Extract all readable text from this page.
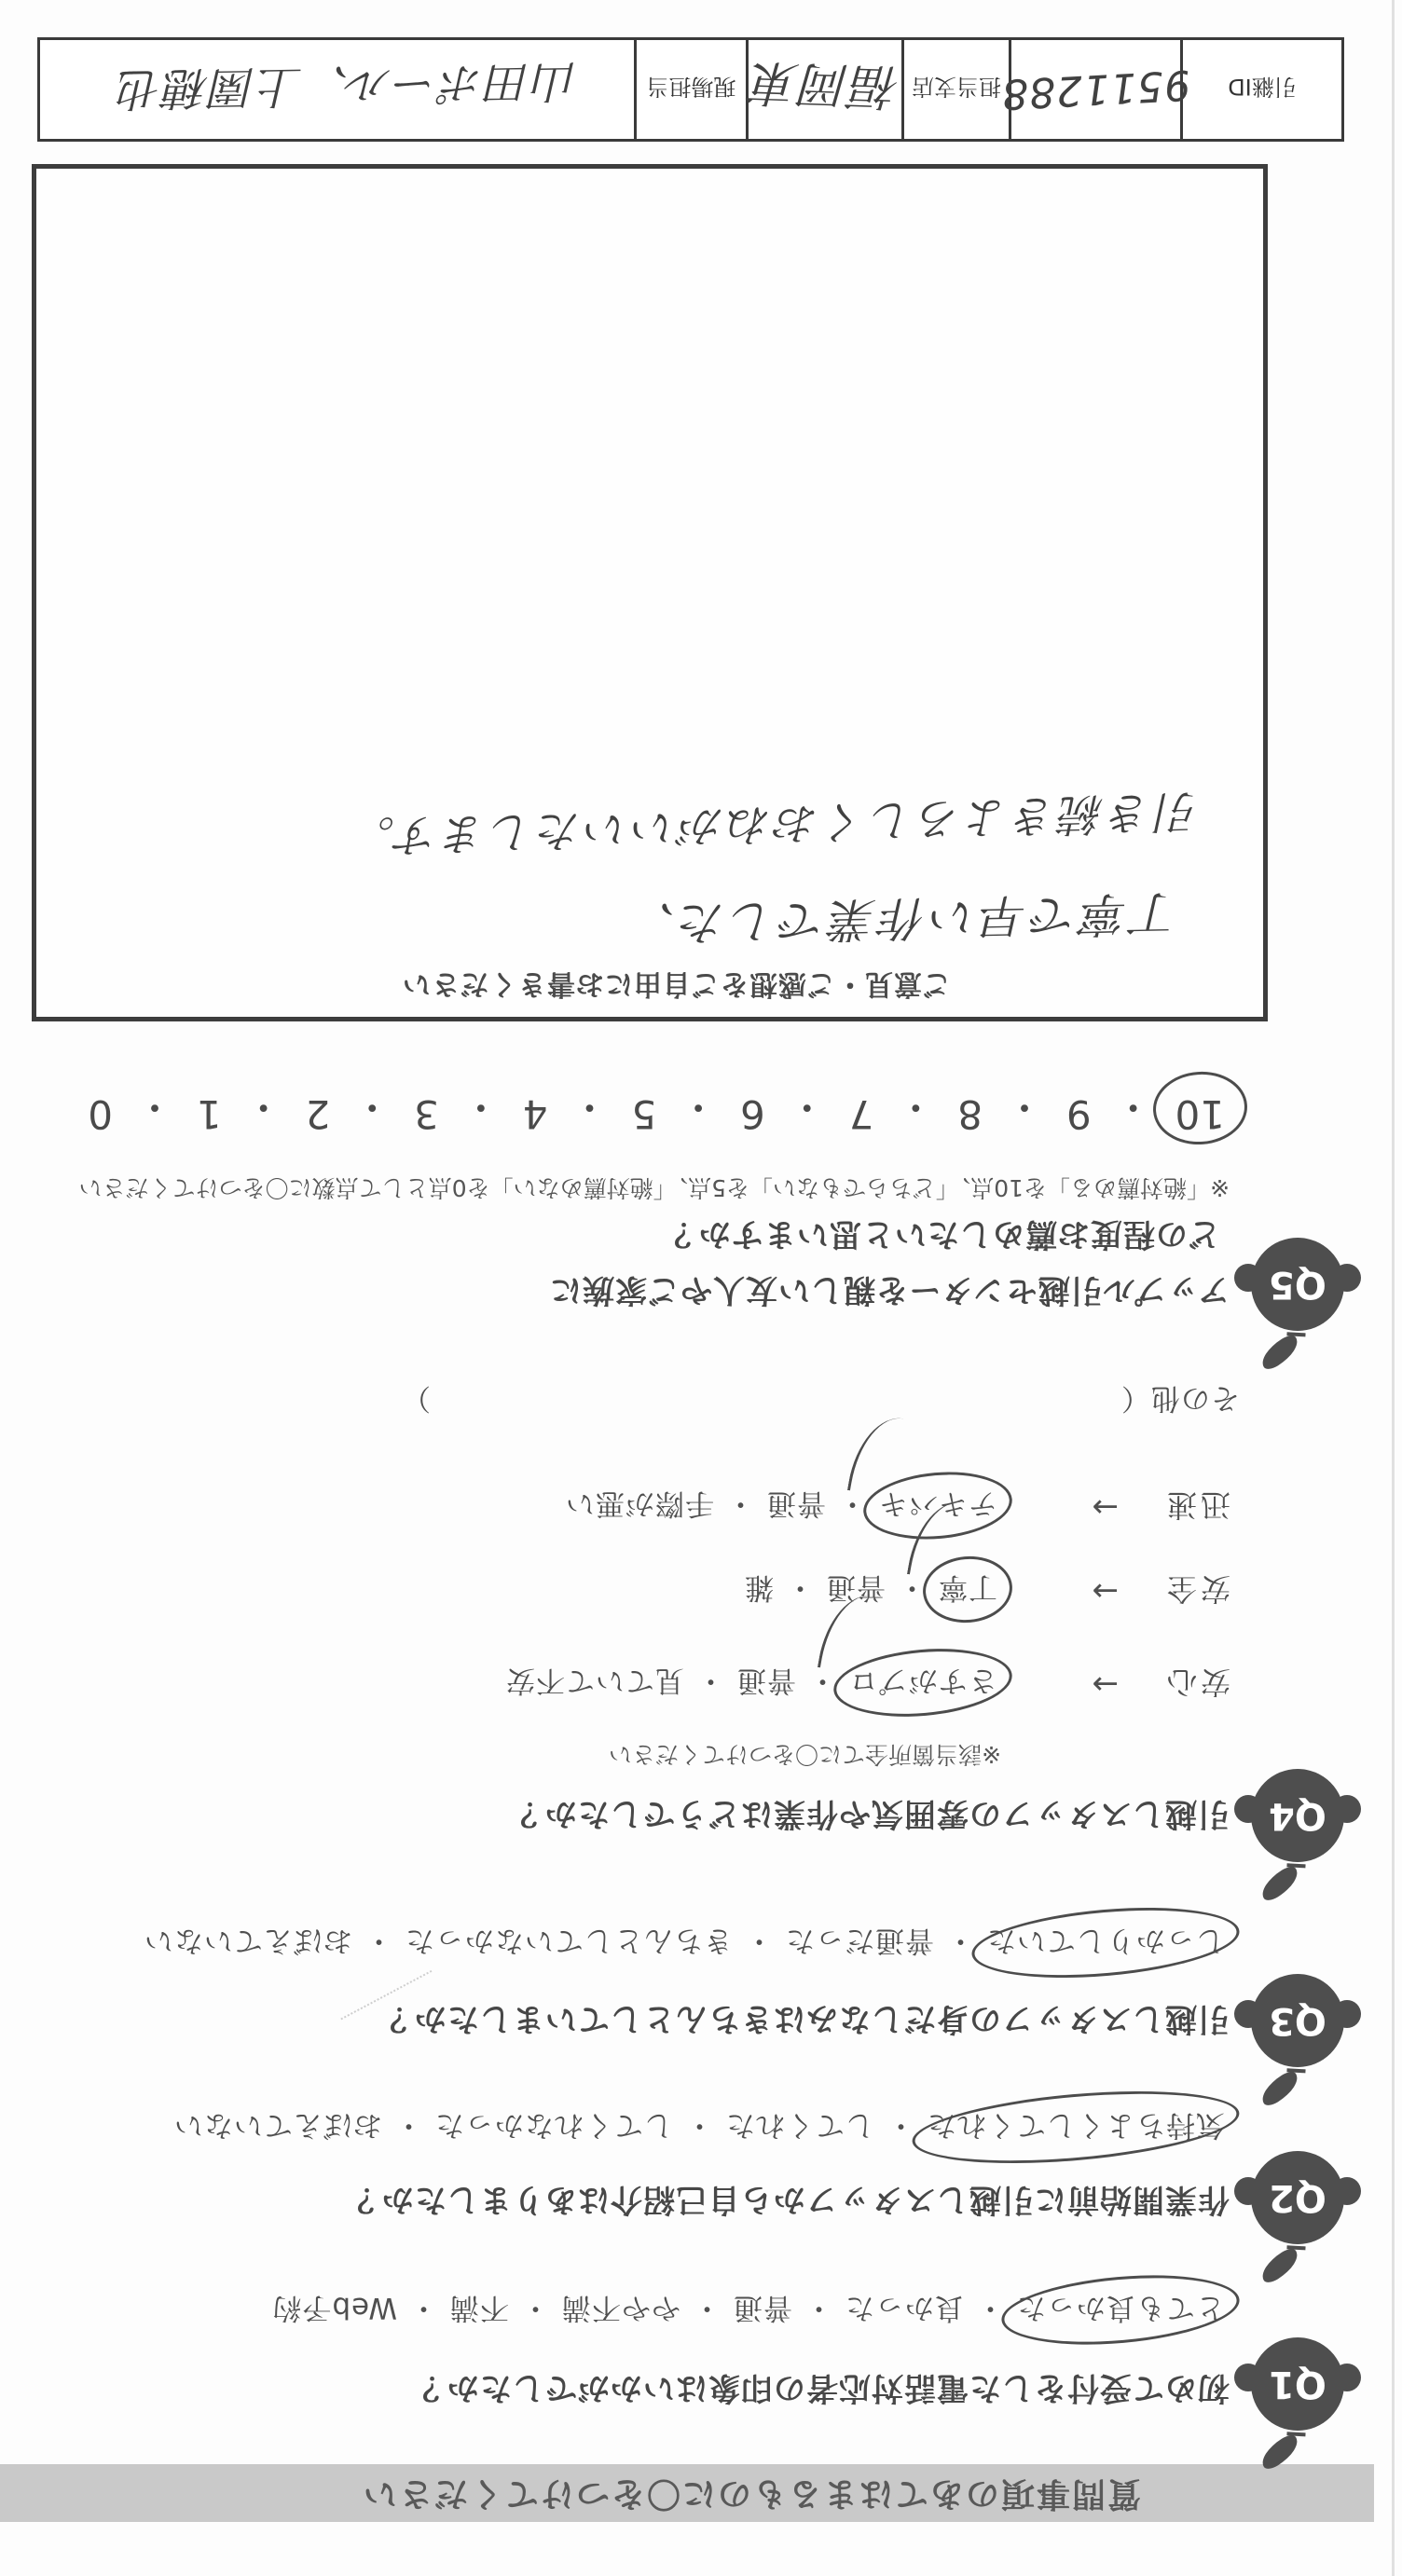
質問事項のあてはまるものに〇をつけてください
Q1
初めて受付をした電話対応者の印象はいかがでしたか？
とても良かった・良かった・普通・やや不満・不満・Web予約
Q2
作業開始前に引越しスタッフから自己紹介はありましたか？
気持ちよくしてくれた・してくれた・してくれなかった・おぼえていない
Q3
引越しスタッフの身だしなみはきちんとしていましたか？
しっかりしていた・普通だった・きちんとしていなかった・おぼえていない
Q4
引越しスタッフの雰囲気や作業はどうでしたか？
※該当箇所全てに〇をつけてください
安心
→
さすがプロ・普通・見ていて不安
安全
→
丁寧・普通・雑
迅速
→
テキパキ・普通・手際が悪い
その他（）
Q5
アップル引越センターを親しい友人やご家族に
どの程度お薦めしたいと思いますか？
※「絶対薦める」を10点、「どちらでもない」を5点、「絶対薦めない」を0点として点数に〇をつけてください
10
・
9
・
8
・
7
・
6
・
5
・
4
・
3
・
2
・
1
・
0
ご意見・ご感想をご自由にお書きください
丁寧で早い作業でした、
引き続きよろしくおねがいいたします。
引継ID
9511288
担当支店
福岡東
現場担当
山田ポール、上園穂也
